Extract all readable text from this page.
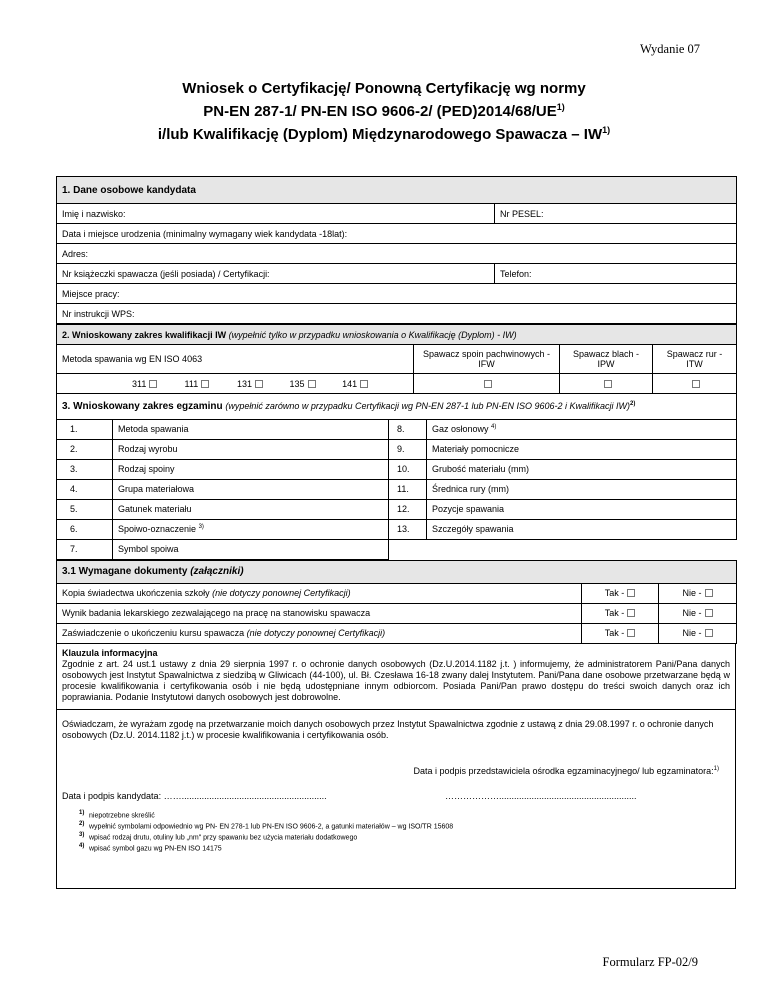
Wydanie 07
Wniosek o Certyfikację/ Ponowną Certyfikację wg normy
PN-EN 287-1/ PN-EN ISO 9606-2/ (PED)2014/68/UE$^{1)}$
i/lub Kwalifikację (Dyplom) Międzynarodowego Spawacza – IW$^{1)}$
1. Dane osobowe kandydata	
Imię i nazwisko:	Nr PESEL:
Data i miejsce urodzenia (minimalny wymagany wiek kandydata -18lat):	
Adres:	
Nr książeczki spawacza (jeśli posiada) / Certyfikacji:	Telefon:
Miejsce pracy:	
Nr instrukcji WPS:	
2. Wnioskowany zakres kwalifikacji IW (wypełnić tylko w przypadku wnioskowania o Kwalifikację (Dyplom) - IW)			
Metoda spawania wg EN ISO 4063	Spawacz spoin pachwinowych - IFW	Spawacz blach - IPW	Spawacz rur - ITW
311 111 131 135 141			
3. Wnioskowany zakres egzaminu (wypełnić zarówno w przypadku Certyfikacji wg PN-EN 287-1 lub PN-EN ISO 9606-2 i Kwalifikacji IW)$^{2)}$
1.	Metoda spawania	8.	Gaz osłonowy $^{4)}$
2.	Rodzaj wyrobu	9.	Materiały pomocnicze
3.	Rodzaj spoiny	10.	Grubość materiału (mm)
4.	Grupa materiałowa	11.	Średnica rury (mm)
5.	Gatunek materiału	12.	Pozycje spawania
6.	Spoiwo-oznaczenie $^{3)}$	13.	Szczegóły spawania
7.	Symbol spoiwa		
3.1 Wymagane dokumenty (załączniki)		
Kopia świadectwa ukończenia szkoły (nie dotyczy ponownej Certyfikacji)	Tak -	Nie -
Wynik badania lekarskiego zezwalającego na pracę na stanowisku spawacza	Tak -	Nie -
Zaświadczenie o ukończeniu kursu spawacza (nie dotyczy ponownej Certyfikacji)	Tak -	Nie -
Klauzula informacyjna
Zgodnie z art. 24 ust.1 ustawy z dnia 29 sierpnia 1997 r. o ochronie danych osobowych (Dz.U.2014.1182 j.t. ) informujemy, że administratorem Pani/Pana danych osobowych jest Instytut Spawalnictwa z siedzibą w Gliwicach (44-100), ul. Bł. Czesława 16-18 zwany dalej Instytutem. Pani/Pana dane osobowe przetwarzane będą w procesie kwalifikowania i certyfikowania osób i nie będą udostępniane innym odbiorcom. Posiada Pani/Pan prawo dostępu do treści swoich danych oraz ich poprawiania. Podanie Instytutowi danych osobowych jest dobrowolne.
Oświadczam, że wyrażam zgodę na przetwarzanie moich danych osobowych przez Instytut Spawalnictwa zgodnie z ustawą z dnia 29.08.1997 r. o ochronie danych osobowych (Dz.U. 2014.1182 j.t.) w procesie kwalifikowania i certyfikowania osób.
Data i podpis przedstawiciela ośrodka egzaminacyjnego/ lub egzaminatora:$^{1)}$
Data i podpis kandydata: ……..........................................................	……………….......................................................
$^{1)}$ niepotrzebne skreślić
$^{2)}$ wypełnić symbolami odpowiednio wg PN- EN 278-1 lub PN-EN ISO 9606-2, a gatunki materiałów – wg ISO/TR 15608
$^{3)}$ wpisać rodzaj drutu, otuliny lub „nm" przy spawaniu bez użycia materiału dodatkowego
$^{4)}$ wpisać symbol gazu wg PN-EN ISO 14175
Formularz FP-02/9
